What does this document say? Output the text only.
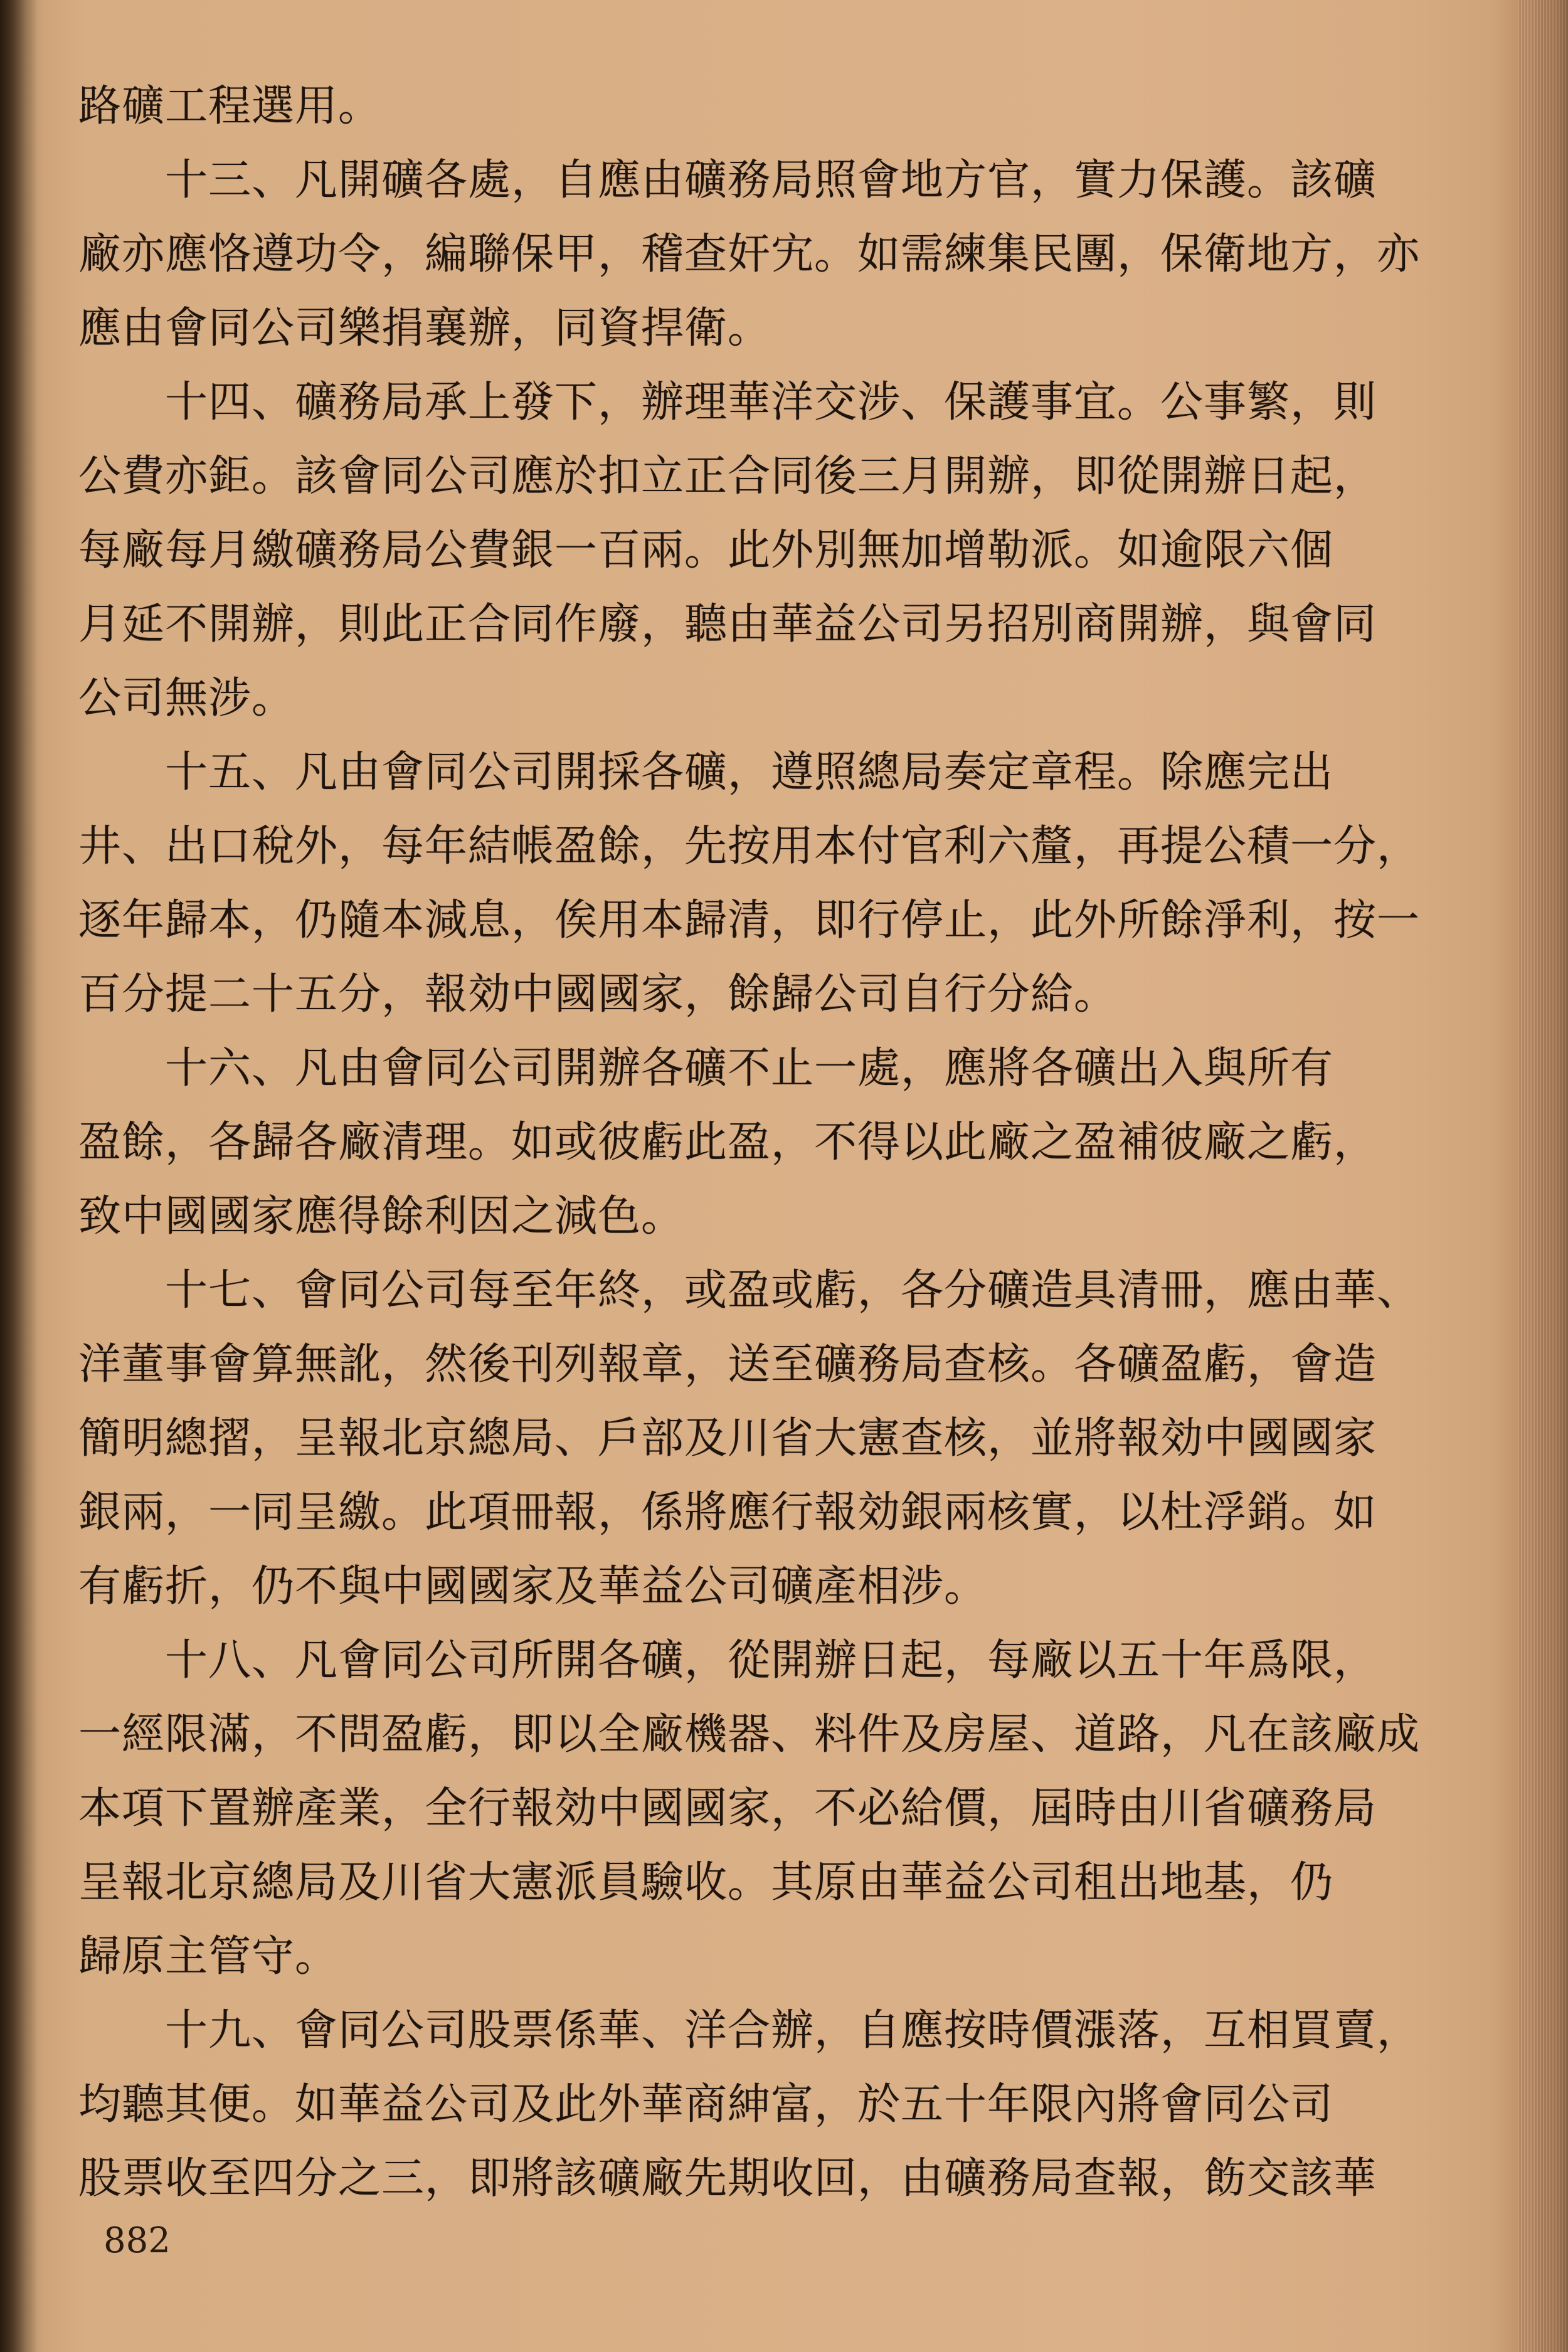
路礦工程選用。
　　十三、凡開礦各處，自應由礦務局照會地方官，實力保護。該礦
廠亦應恪遵功令，編聯保甲，稽查奸宄。如需練集民團，保衛地方，亦
應由會同公司樂捐襄辦，同資捍衛。
　　十四、礦務局承上發下，辦理華洋交涉、保護事宜。公事繁，則
公費亦鉅。該會同公司應於扣立正合同後三月開辦，即從開辦日起，
每廠每月繳礦務局公費銀一百兩。此外別無加增勒派。如逾限六個
月延不開辦，則此正合同作廢，聽由華益公司另招別商開辦，與會同
公司無涉。
　　十五、凡由會同公司開採各礦，遵照總局奏定章程。除應完出
井、出口稅外，每年結帳盈餘，先按用本付官利六釐，再提公積一分，
逐年歸本，仍隨本減息，俟用本歸清，即行停止，此外所餘淨利，按一
百分提二十五分，報効中國國家，餘歸公司自行分給。
　　十六、凡由會同公司開辦各礦不止一處，應將各礦出入與所有
盈餘，各歸各廠清理。如或彼虧此盈，不得以此廠之盈補彼廠之虧，
致中國國家應得餘利因之減色。
　　十七、會同公司每至年終，或盈或虧，各分礦造具清冊，應由華、
洋董事會算無訛，然後刊列報章，送至礦務局查核。各礦盈虧，會造
簡明總摺，呈報北京總局、戶部及川省大憲查核，並將報効中國國家
銀兩，一同呈繳。此項冊報，係將應行報効銀兩核實，以杜浮銷。如
有虧折，仍不與中國國家及華益公司礦產相涉。
　　十八、凡會同公司所開各礦，從開辦日起，每廠以五十年爲限，
一經限滿，不問盈虧，即以全廠機器、料件及房屋、道路，凡在該廠成
本項下置辦產業，全行報効中國國家，不必給價，屆時由川省礦務局
呈報北京總局及川省大憲派員驗收。其原由華益公司租出地基，仍
歸原主管守。
　　十九、會同公司股票係華、洋合辦，自應按時價漲落，互相買賣，
均聽其便。如華益公司及此外華商紳富，於五十年限內將會同公司
股票收至四分之三，即將該礦廠先期收回，由礦務局查報，飭交該華
882
